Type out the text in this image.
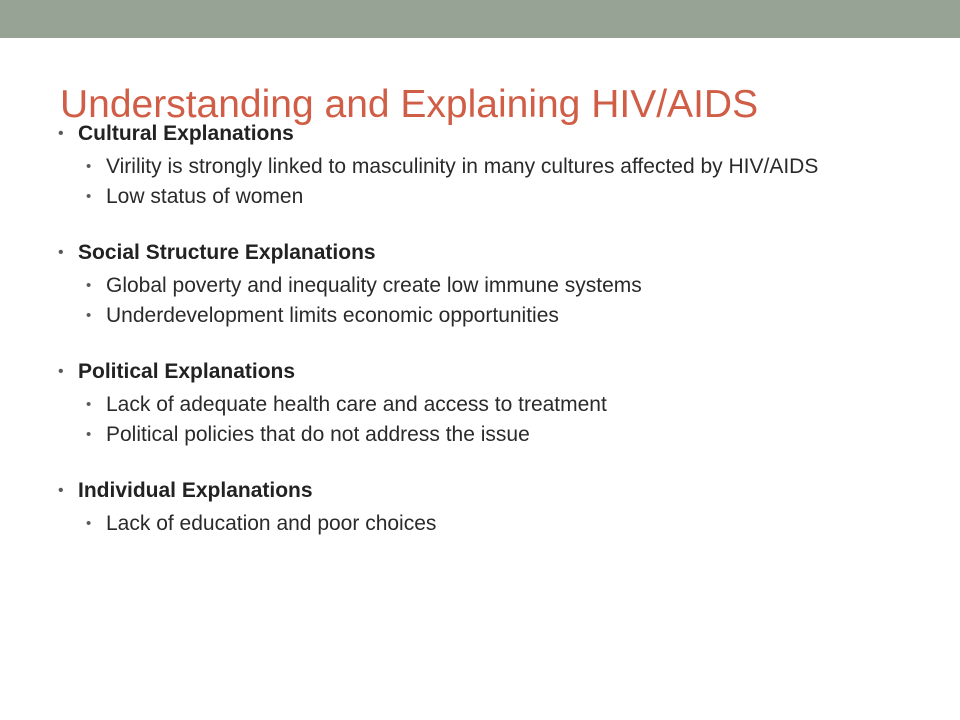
Understanding and Explaining HIV/AIDS
• Cultural Explanations
• Virility is strongly linked to masculinity in many cultures affected by HIV/AIDS
• Low status of women
• Social Structure Explanations
• Global poverty and inequality create low immune systems
• Underdevelopment limits economic opportunities
• Political Explanations
• Lack of adequate health care and access to treatment
• Political policies that do not address the issue
• Individual Explanations
• Lack of education and poor choices
